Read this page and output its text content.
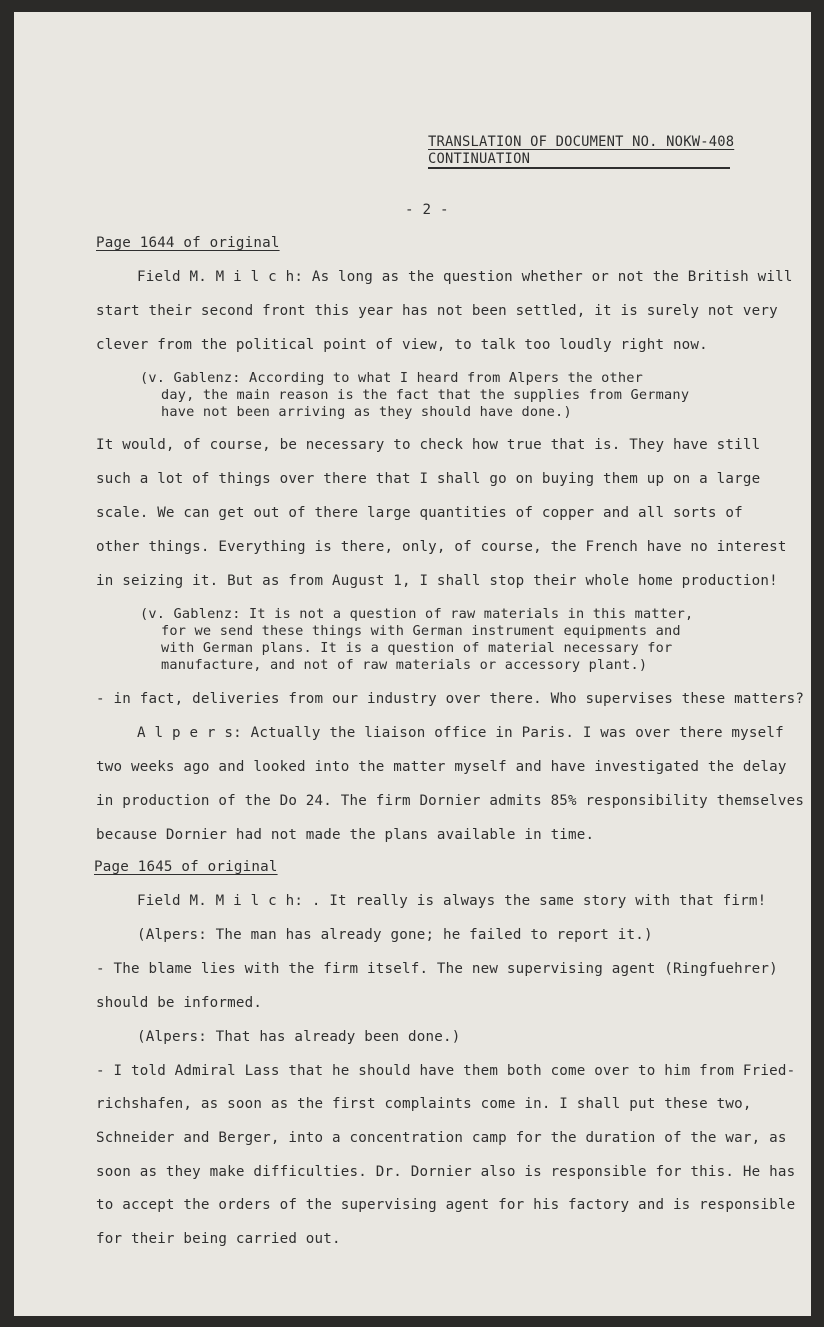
TRANSLATION OF DOCUMENT NO. NOKW-408
CONTINUATION
- 2 -
Page 1644 of original
Field M. M i l c h: As long as the question whether or not the British will
start their second front this year has not been settled, it is surely not very
clever from the political point of view, to talk too loudly right now.
(v. Gablenz: According to what I heard from Alpers the other
day, the main reason is the fact that the supplies from Germany
have not been arriving as they should have done.)
It would, of course, be necessary to check how true that is. They have still
such a lot of things over there that I shall go on buying them up on a large
scale. We can get out of there large quantities of copper and all sorts of
other things. Everything is there, only, of course, the French have no interest
in seizing it. But as from August 1, I shall stop their whole home production!
(v. Gablenz: It is not a question of raw materials in this matter,
for we send these things with German instrument equipments and
with German plans. It is a question of material necessary for
manufacture, and not of raw materials or accessory plant.)
- in fact, deliveries from our industry over there. Who supervises these matters?
A l p e r s: Actually the liaison office in Paris. I was over there myself
two weeks ago and looked into the matter myself and have investigated the delay
in production of the Do 24. The firm Dornier admits 85% responsibility themselves
because Dornier had not made the plans available in time.
Page 1645 of original
Field M. M i l c h: . It really is always the same story with that firm!
(Alpers: The man has already gone; he failed to report it.)
- The blame lies with the firm itself. The new supervising agent (Ringfuehrer)
should be informed.
(Alpers: That has already been done.)
- I told Admiral Lass that he should have them both come over to him from Fried-
richshafen, as soon as the first complaints come in. I shall put these two,
Schneider and Berger, into a concentration camp for the duration of the war, as
soon as they make difficulties. Dr. Dornier also is responsible for this. He has
to accept the orders of the supervising agent for his factory and is responsible
for their being carried out.
